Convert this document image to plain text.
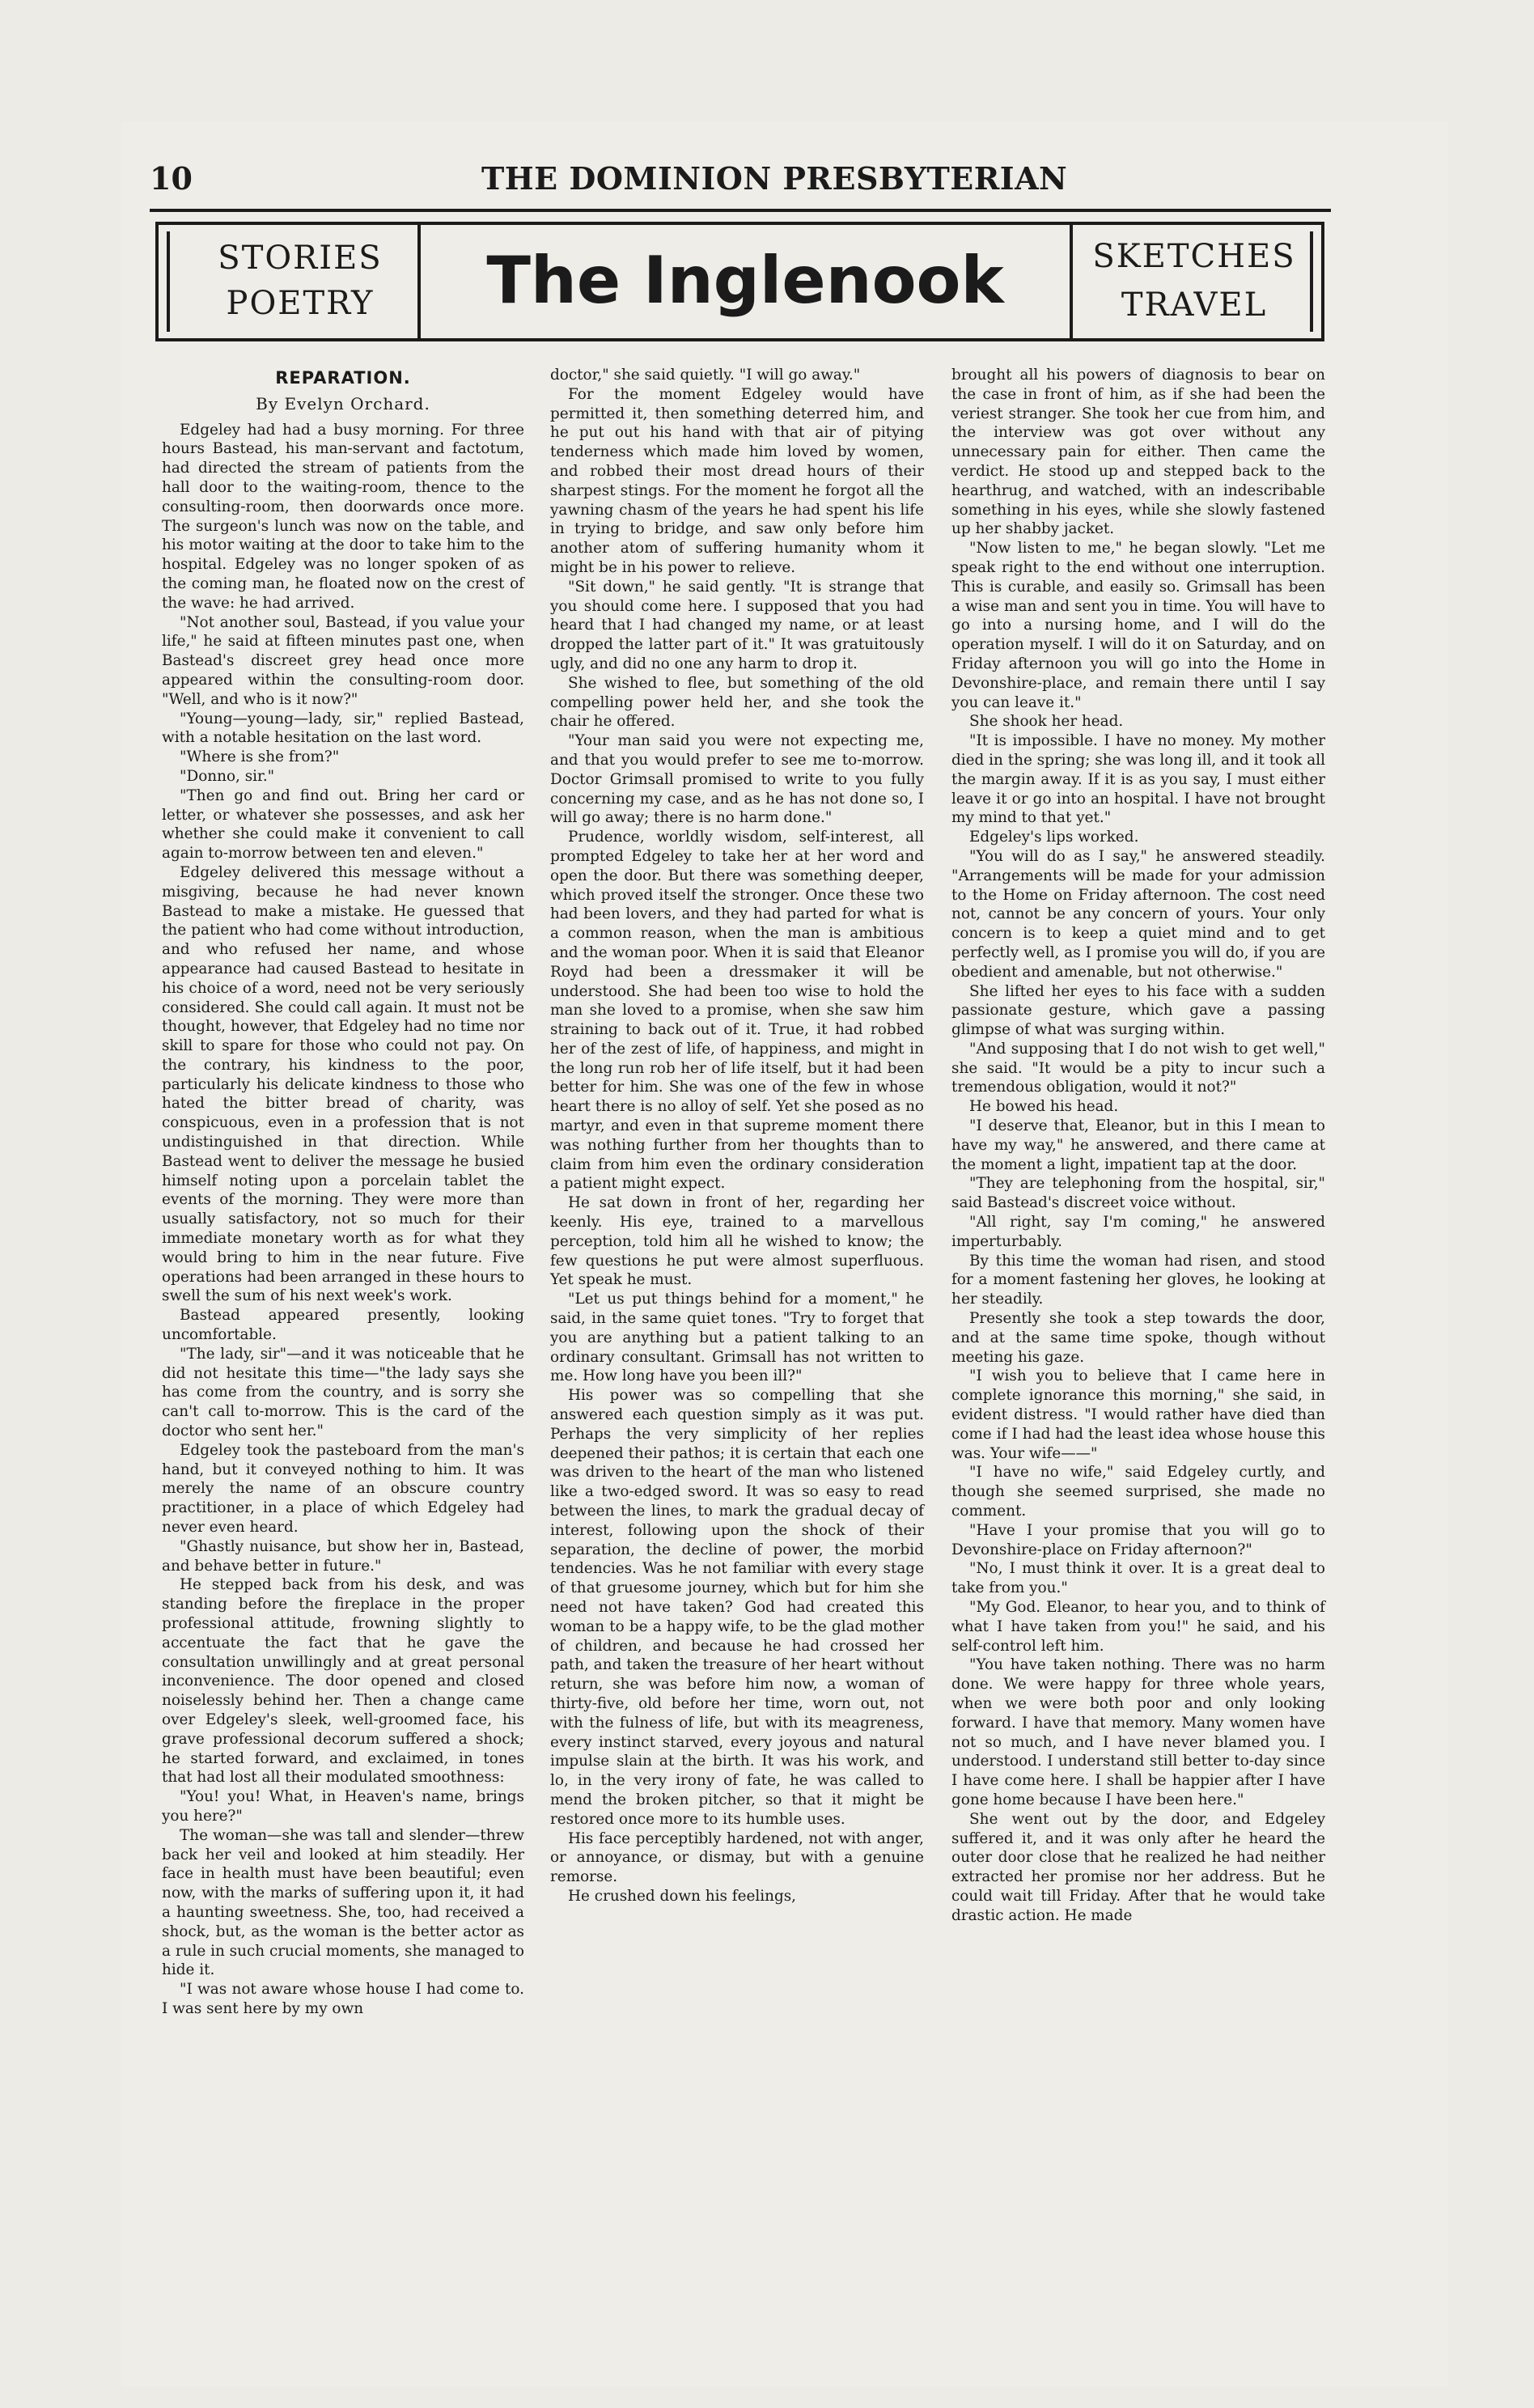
10	THE DOMINION PRESBYTERIAN
STORIES
POETRY	The Inglenook	SKETCHES
TRAVEL
REPARATION.
By Evelyn Orchard.

Edgeley had had a busy morning. For three hours Bastead, his man-servant and factotum, had directed the stream of patients from the hall door to the waiting-room, thence to the consulting-room, then doorwards once more. The surgeon's lunch was now on the table, and his motor waiting at the door to take him to the hospital. Edgeley was no longer spoken of as the coming man, he floated now on the crest of the wave: he had arrived.

"Not another soul, Bastead, if you value your life," he said at fifteen minutes past one, when Bastead's discreet grey head once more appeared within the consulting-room door. "Well, and who is it now?"

"Young—young—lady, sir," replied Bastead, with a notable hesitation on the last word.

"Where is she from?"

"Donno, sir."

"Then go and find out. Bring her card or letter, or whatever she possesses, and ask her whether she could make it convenient to call again to-morrow between ten and eleven."

Edgeley delivered this message without a misgiving, because he had never known Bastead to make a mistake. He guessed that the patient who had come without introduction, and who refused her name, and whose appearance had caused Bastead to hesitate in his choice of a word, need not be very seriously considered. She could call again. It must not be thought, however, that Edgeley had no time nor skill to spare for those who could not pay. On the contrary, his kindness to the poor, particularly his delicate kindness to those who hated the bitter bread of charity, was conspicuous, even in a profession that is not undistinguished in that direction. While Bastead went to deliver the message he busied himself noting upon a porcelain tablet the events of the morning. They were more than usually satisfactory, not so much for their immediate monetary worth as for what they would bring to him in the near future. Five operations had been arranged in these hours to swell the sum of his next week's work.

Bastead appeared presently, looking uncomfortable.

"The lady, sir"—and it was noticeable that he did not hesitate this time—"the lady says she has come from the country, and is sorry she can't call to-morrow. This is the card of the doctor who sent her."

Edgeley took the pasteboard from the man's hand, but it conveyed nothing to him. It was merely the name of an obscure country practitioner, in a place of which Edgeley had never even heard.

"Ghastly nuisance, but show her in, Bastead, and behave better in future."

He stepped back from his desk, and was standing before the fireplace in the proper professional attitude, frowning slightly to accentuate the fact that he gave the consultation unwillingly and at great personal inconvenience. The door opened and closed noiselessly behind her. Then a change came over Edgeley's sleek, well-groomed face, his grave professional decorum suffered a shock; he started forward, and exclaimed, in tones that had lost all their modulated smoothness:

"You! you! What, in Heaven's name, brings you here?"

The woman—she was tall and slender—threw back her veil and looked at him steadily. Her face in health must have been beautiful; even now, with the marks of suffering upon it, it had a haunting sweetness. She, too, had received a shock, but, as the woman is the better actor as a rule in such crucial moments, she managed to hide it.

"I was not aware whose house I had come to. I was sent here by my own

doctor," she said quietly. "I will go away."

For the moment Edgeley would have permitted it, then something deterred him, and he put out his hand with that air of pitying tenderness which made him loved by women, and robbed their most dread hours of their sharpest stings. For the moment he forgot all the yawning chasm of the years he had spent his life in trying to bridge, and saw only before him another atom of suffering humanity whom it might be in his power to relieve.

"Sit down," he said gently. "It is strange that you should come here. I supposed that you had heard that I had changed my name, or at least dropped the latter part of it." It was gratuitously ugly, and did no one any harm to drop it.

She wished to flee, but something of the old compelling power held her, and she took the chair he offered.

"Your man said you were not expecting me, and that you would prefer to see me to-morrow. Doctor Grimsall promised to write to you fully concerning my case, and as he has not done so, I will go away; there is no harm done."

Prudence, worldly wisdom, self-interest, all prompted Edgeley to take her at her word and open the door. But there was something deeper, which proved itself the stronger. Once these two had been lovers, and they had parted for what is a common reason, when the man is ambitious and the woman poor. When it is said that Eleanor Royd had been a dressmaker it will be understood. She had been too wise to hold the man she loved to a promise, when she saw him straining to back out of it. True, it had robbed her of the zest of life, of happiness, and might in the long run rob her of life itself, but it had been better for him. She was one of the few in whose heart there is no alloy of self. Yet she posed as no martyr, and even in that supreme moment there was nothing further from her thoughts than to claim from him even the ordinary consideration a patient might expect.

He sat down in front of her, regarding her keenly. His eye, trained to a marvellous perception, told him all he wished to know; the few questions he put were almost superfluous. Yet speak he must.

"Let us put things behind for a moment," he said, in the same quiet tones. "Try to forget that you are anything but a patient talking to an ordinary consultant. Grimsall has not written to me. How long have you been ill?"

His power was so compelling that she answered each question simply as it was put. Perhaps the very simplicity of her replies deepened their pathos; it is certain that each one was driven to the heart of the man who listened like a two-edged sword. It was so easy to read between the lines, to mark the gradual decay of interest, following upon the shock of their separation, the decline of power, the morbid tendencies. Was he not familiar with every stage of that gruesome journey, which but for him she need not have taken? God had created this woman to be a happy wife, to be the glad mother of children, and because he had crossed her path, and taken the treasure of her heart without return, she was before him now, a woman of thirty-five, old before her time, worn out, not with the fulness of life, but with its meagreness, every instinct starved, every joyous and natural impulse slain at the birth. It was his work, and lo, in the very irony of fate, he was called to mend the broken pitcher, so that it might be restored once more to its humble uses.

His face perceptibly hardened, not with anger, or annoyance, or dismay, but with a genuine remorse.

He crushed down his feelings,

brought all his powers of diagnosis to bear on the case in front of him, as if she had been the veriest stranger. She took her cue from him, and the interview was got over without any unnecessary pain for either. Then came the verdict. He stood up and stepped back to the hearthrug, and watched, with an indescribable something in his eyes, while she slowly fastened up her shabby jacket.

"Now listen to me," he began slowly. "Let me speak right to the end without one interruption. This is curable, and easily so. Grimsall has been a wise man and sent you in time. You will have to go into a nursing home, and I will do the operation myself. I will do it on Saturday, and on Friday afternoon you will go into the Home in Devonshire-place, and remain there until I say you can leave it."

She shook her head.

"It is impossible. I have no money. My mother died in the spring; she was long ill, and it took all the margin away. If it is as you say, I must either leave it or go into an hospital. I have not brought my mind to that yet."

Edgeley's lips worked.

"You will do as I say," he answered steadily. "Arrangements will be made for your admission to the Home on Friday afternoon. The cost need not, cannot be any concern of yours. Your only concern is to keep a quiet mind and to get perfectly well, as I promise you will do, if you are obedient and amenable, but not otherwise."

She lifted her eyes to his face with a sudden passionate gesture, which gave a passing glimpse of what was surging within.

"And supposing that I do not wish to get well," she said. "It would be a pity to incur such a tremendous obligation, would it not?"

He bowed his head.

"I deserve that, Eleanor, but in this I mean to have my way," he answered, and there came at the moment a light, impatient tap at the door.

"They are telephoning from the hospital, sir," said Bastead's discreet voice without.

"All right, say I'm coming," he answered imperturbably.

By this time the woman had risen, and stood for a moment fastening her gloves, he looking at her steadily.

Presently she took a step towards the door, and at the same time spoke, though without meeting his gaze.

"I wish you to believe that I came here in complete ignorance this morning," she said, in evident distress. "I would rather have died than come if I had had the least idea whose house this was. Your wife——"

"I have no wife," said Edgeley curtly, and though she seemed surprised, she made no comment.

"Have I your promise that you will go to Devonshire-place on Friday afternoon?"

"No, I must think it over. It is a great deal to take from you."

"My God. Eleanor, to hear you, and to think of what I have taken from you!" he said, and his self-control left him.

"You have taken nothing. There was no harm done. We were happy for three whole years, when we were both poor and only looking forward. I have that memory. Many women have not so much, and I have never blamed you. I understood. I understand still better to-day since I have come here. I shall be happier after I have gone home because I have been here."

She went out by the door, and Edgeley suffered it, and it was only after he heard the outer door close that he realized he had neither extracted her promise nor her address. But he could wait till Friday. After that he would take drastic action. He made
